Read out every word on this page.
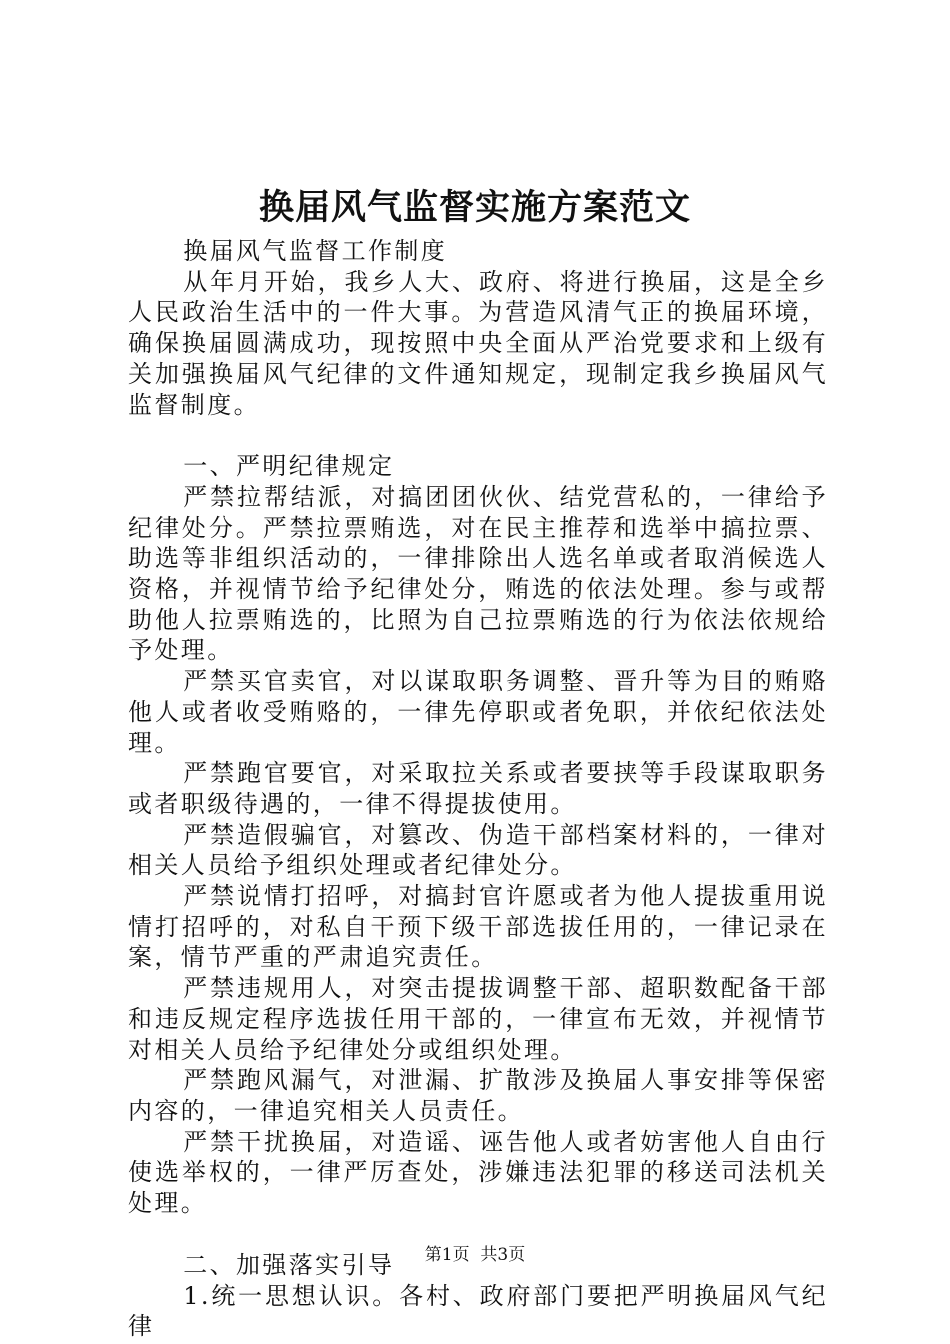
换届风气监督实施方案范文

换届风气监督工作制度

从年月开始，我乡人大、政府、将进行换届，这是全乡人民政治生活中的一件大事。为营造风清气正的换届环境，确保换届圆满成功，现按照中央全面从严治党要求和上级有关加强换届风气纪律的文件通知规定，现制定我乡换届风气监督制度。

一、严明纪律规定

严禁拉帮结派，对搞团团伙伙、结党营私的，一律给予纪律处分。严禁拉票贿选，对在民主推荐和选举中搞拉票、助选等非组织活动的，一律排除出人选名单或者取消候选人资格，并视情节给予纪律处分，贿选的依法处理。参与或帮助他人拉票贿选的，比照为自己拉票贿选的行为依法依规给予处理。

严禁买官卖官，对以谋取职务调整、晋升等为目的贿赂他人或者收受贿赂的，一律先停职或者免职，并依纪依法处理。

严禁跑官要官，对采取拉关系或者要挟等手段谋取职务或者职级待遇的，一律不得提拔使用。

严禁造假骗官，对篡改、伪造干部档案材料的，一律对相关人员给予组织处理或者纪律处分。

严禁说情打招呼，对搞封官许愿或者为他人提拔重用说情打招呼的，对私自干预下级干部选拔任用的，一律记录在案，情节严重的严肃追究责任。

严禁违规用人，对突击提拔调整干部、超职数配备干部和违反规定程序选拔任用干部的，一律宣布无效，并视情节对相关人员给予纪律处分或组织处理。

严禁跑风漏气，对泄漏、扩散涉及换届人事安排等保密内容的，一律追究相关人员责任。

严禁干扰换届，对造谣、诬告他人或者妨害他人自由行使选举权的，一律严厉查处，涉嫌违法犯罪的移送司法机关处理。

二、加强落实引导

1.统一思想认识。各村、政府部门要把严明换届风气纪律

第1页 共3页
